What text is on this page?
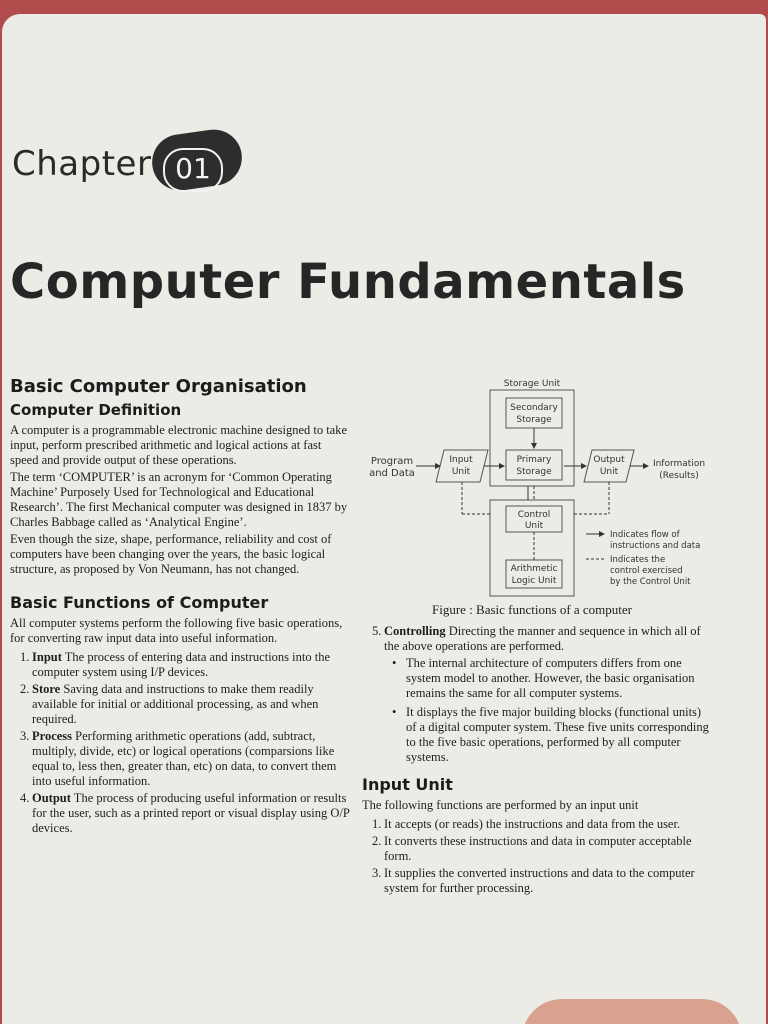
Chapter 01
Computer Fundamentals
Basic Computer Organisation
Computer Definition

A computer is a programmable electronic machine designed to take input, perform prescribed arithmetic and logical actions at fast speed and provide output of these operations.

The term ‘COMPUTER’ is an acronym for ‘Common Operating Machine’ Purposely Used for Technological and Educational Research’. The first Mechanical computer was designed in 1837 by Charles Babbage called as ‘Analytical Engine’.

Even though the size, shape, performance, reliability and cost of computers have been changing over the years, the basic logical structure, as proposed by Von Neumann, has not changed.

Basic Functions of Computer

All computer systems perform the following five basic operations, for converting raw input data into useful information.

1. Input The process of entering data and instructions into the computer system using I/P devices.
2. Store Saving data and instructions to make them readily available for initial or additional processing, as and when required.
3. Process Performing arithmetic operations (add, subtract, multiply, divide, etc) or logical operations (comparsions like equal to, less then, greater than, etc) on data, to convert them into useful information.
4. Output The process of producing useful information or results for the user, such as a printed report or visual display using O/P devices.
Storage Unit
Secondary
Storage
Primary
Storage
Input
Unit
Program
and Data
Output
Unit
Information
(Results)
Control
Unit
Arithmetic
Logic Unit
Indicates flow of
instructions and data
Indicates the
control exercised
by the Control Unit
Figure : Basic functions of a computer
5. Controlling Directing the manner and sequence in which all of the above operations are performed.
• The internal architecture of computers differs from one system model to another. However, the basic organisation remains the same for all computer systems.
• It displays the five major building blocks (functional units) of a digital computer system. These five units corresponding to the five basic operations, performed by all computer systems.
Input Unit

The following functions are performed by an input unit

1. It accepts (or reads) the instructions and data from the user.
2. It converts these instructions and data in computer acceptable form.
3. It supplies the converted instructions and data to the computer system for further processing.
